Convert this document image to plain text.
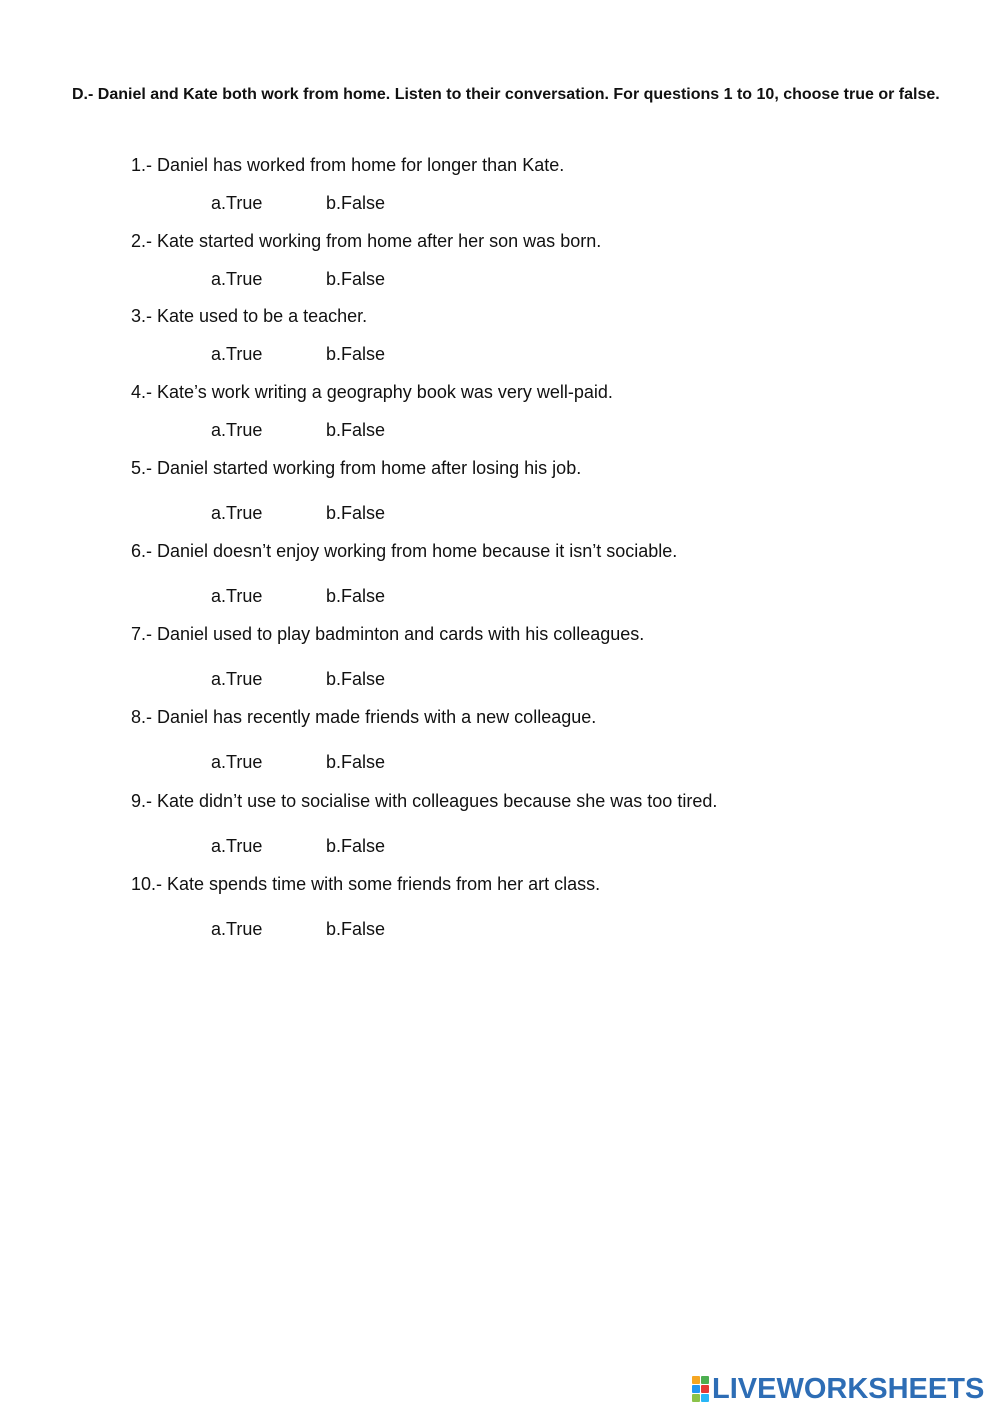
D.- Daniel and Kate both work from home. Listen to their conversation. For questions 1 to 10, choose true or false.

1.- Daniel has worked from home for longer than Kate.
a.True	b.False
2.- Kate started working from home after her son was born.
a.True	b.False
3.- Kate used to be a teacher.
a.True	b.False
4.- Kate’s work writing a geography book was very well-paid.
a.True	b.False
5.- Daniel started working from home after losing his job.
a.True	b.False
6.- Daniel doesn’t enjoy working from home because it isn’t sociable.
a.True	b.False
7.- Daniel used to play badminton and cards with his colleagues.
a.True	b.False
8.- Daniel has recently made friends with a new colleague.
a.True	b.False
9.- Kate didn’t use to socialise with colleagues because she was too tired.
a.True	b.False
10.- Kate spends time with some friends from her art class.
a.True	b.False
LIVEWORKSHEETS
